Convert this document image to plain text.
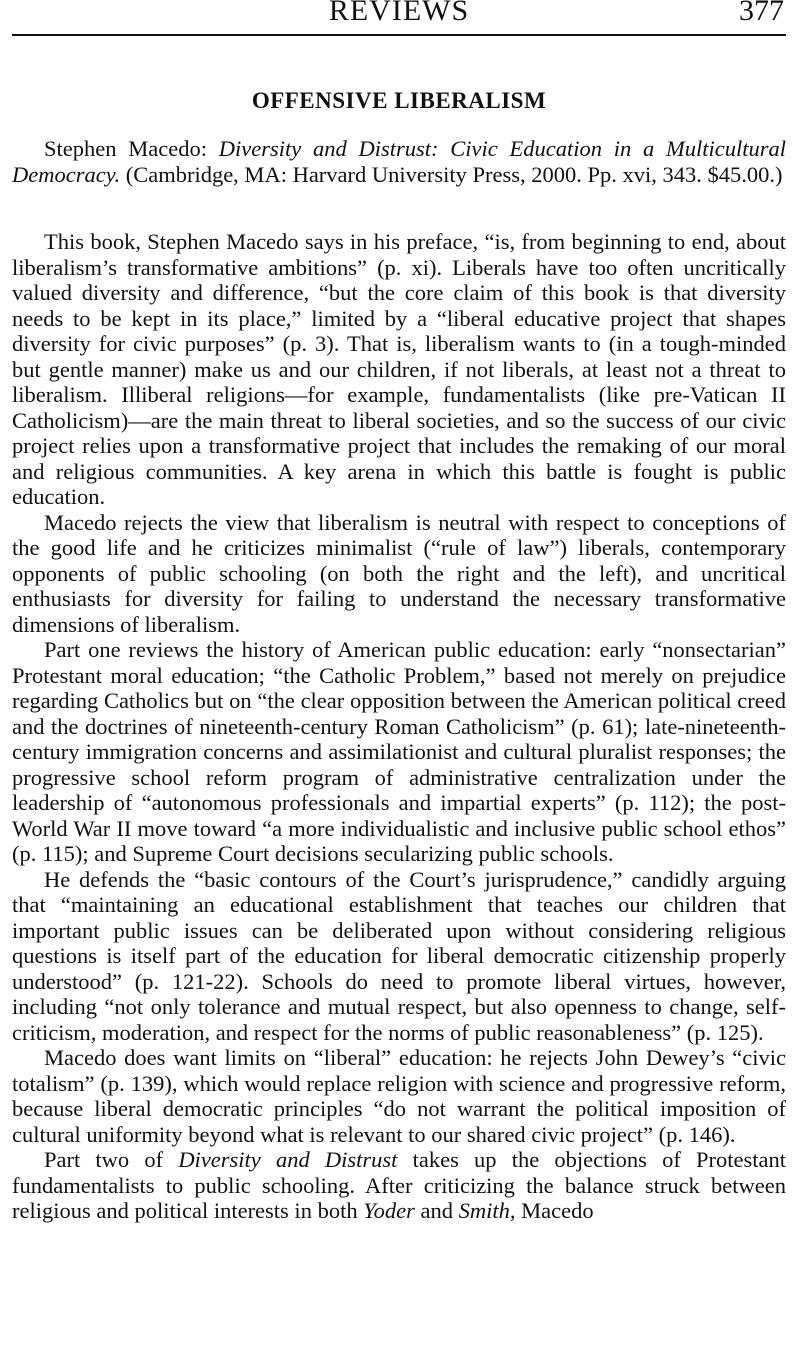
REVIEWS	377
OFFENSIVE LIBERALISM

Stephen Macedo: Diversity and Distrust: Civic Education in a Multicultural Democracy. (Cambridge, MA: Harvard University Press, 2000. Pp. xvi, 343. $45.00.)

This book, Stephen Macedo says in his preface, “is, from beginning to end, about liberalism’s transformative ambitions” (p. xi). Liberals have too often uncritically valued diversity and difference, “but the core claim of this book is that diversity needs to be kept in its place,” limited by a “liberal educative project that shapes diversity for civic purposes” (p. 3). That is, liberalism wants to (in a tough-minded but gentle manner) make us and our children, if not liberals, at least not a threat to liberalism. Illiberal religions—for example, fundamentalists (like pre-Vatican II Catholicism)—are the main threat to liberal societies, and so the success of our civic project relies upon a transformative project that includes the remaking of our moral and religious communities. A key arena in which this battle is fought is public education.

Macedo rejects the view that liberalism is neutral with respect to conceptions of the good life and he criticizes minimalist (“rule of law”) liberals, contemporary opponents of public schooling (on both the right and the left), and uncritical enthusiasts for diversity for failing to understand the necessary transformative dimensions of liberalism.

Part one reviews the history of American public education: early “nonsectarian” Protestant moral education; “the Catholic Problem,” based not merely on prejudice regarding Catholics but on “the clear opposition between the American political creed and the doctrines of nineteenth-century Roman Catholicism” (p. 61); late-nineteenth-century immigration concerns and assimilationist and cultural pluralist responses; the progressive school reform program of administrative centralization under the leadership of “autonomous professionals and impartial experts” (p. 112); the post-World War II move toward “a more individualistic and inclusive public school ethos” (p. 115); and Supreme Court decisions secularizing public schools.

He defends the “basic contours of the Court’s jurisprudence,” candidly arguing that “maintaining an educational establishment that teaches our children that important public issues can be deliberated upon without considering religious questions is itself part of the education for liberal democratic citizenship properly understood” (p. 121-22). Schools do need to promote liberal virtues, however, including “not only tolerance and mutual respect, but also openness to change, self-criticism, moderation, and respect for the norms of public reasonableness” (p. 125).

Macedo does want limits on “liberal” education: he rejects John Dewey’s “civic totalism” (p. 139), which would replace religion with science and progressive reform, because liberal democratic principles “do not warrant the political imposition of cultural uniformity beyond what is relevant to our shared civic project” (p. 146).

Part two of Diversity and Distrust takes up the objections of Protestant fundamentalists to public schooling. After criticizing the balance struck between religious and political interests in both Yoder and Smith, Macedo
